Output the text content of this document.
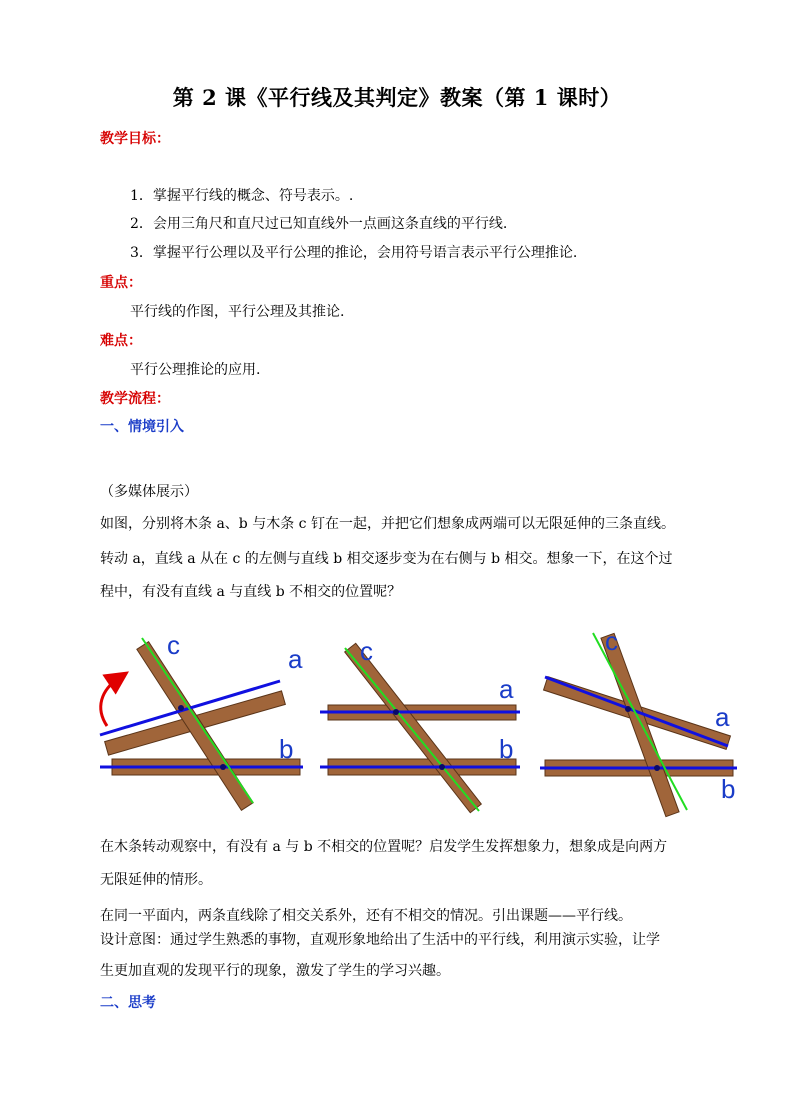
第 2 课《平行线及其判定》教案（第 1 课时）
教学目标：
1．掌握平行线的概念、符号表示。.
2．会用三角尺和直尺过已知直线外一点画这条直线的平行线.
3．掌握平行公理以及平行公理的推论，会用符号语言表示平行公理推论.
重点：
平行线的作图，平行公理及其推论.
难点：
平行公理推论的应用.
教学流程：
一、情境引入
（多媒体展示）
如图，分别将木条 a、b 与木条 c 钉在一起，并把它们想象成两端可以无限延伸的三条直线。
转动 a，直线 a 从在 c 的左侧与直线 b 相交逐步变为在右侧与 b 相交。想象一下，在这个过
程中，有没有直线 a 与直线 b 不相交的位置呢？
c	a
b
c
a
b
c
a
b
在木条转动观察中，有没有 a 与 b 不相交的位置呢？启发学生发挥想象力，想象成是向两方
无限延伸的情形。
在同一平面内，两条直线除了相交关系外，还有不相交的情况。引出课题——平行线。
设计意图：通过学生熟悉的事物，直观形象地给出了生活中的平行线，利用演示实验，让学
生更加直观的发现平行的现象，激发了学生的学习兴趣。
二、思考
